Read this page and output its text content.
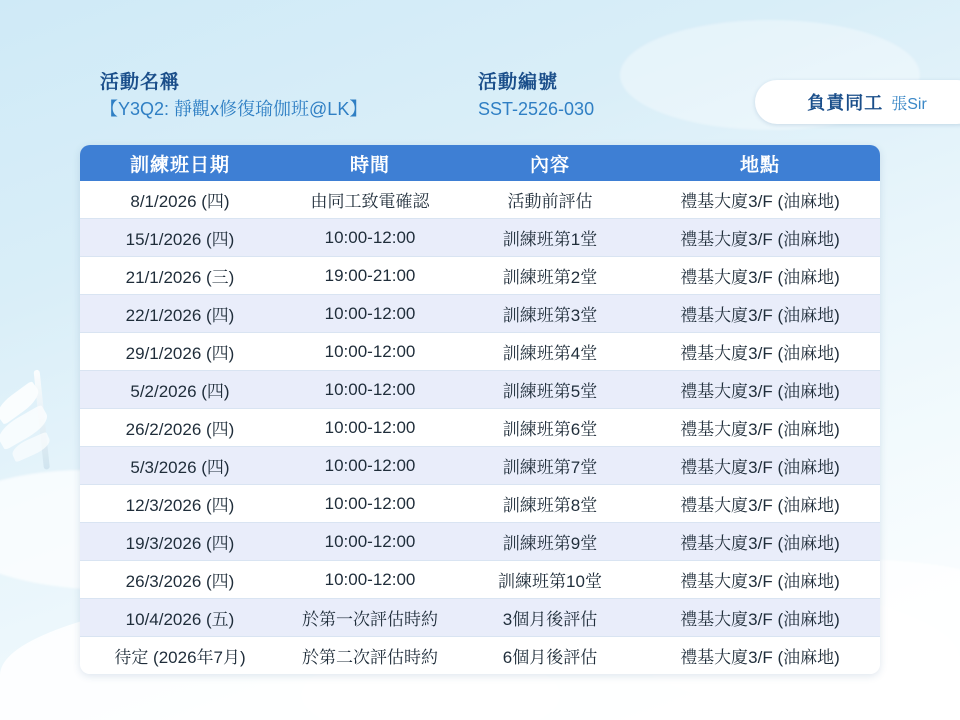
活動名稱
【Y3Q2: 靜觀x修復瑜伽班@LK】
活動編號
SST-2526-030	負責同工 張Sir
訓練班日期	時間	內容	地點
8/1/2026 (四)	由同工致電確認	活動前評估	禮基大廈3/F (油麻地)
15/1/2026 (四)	10:00-12:00	訓練班第1堂	禮基大廈3/F (油麻地)
21/1/2026 (三)	19:00-21:00	訓練班第2堂	禮基大廈3/F (油麻地)
22/1/2026 (四)	10:00-12:00	訓練班第3堂	禮基大廈3/F (油麻地)
29/1/2026 (四)	10:00-12:00	訓練班第4堂	禮基大廈3/F (油麻地)
5/2/2026 (四)	10:00-12:00	訓練班第5堂	禮基大廈3/F (油麻地)
26/2/2026 (四)	10:00-12:00	訓練班第6堂	禮基大廈3/F (油麻地)
5/3/2026 (四)	10:00-12:00	訓練班第7堂	禮基大廈3/F (油麻地)
12/3/2026 (四)	10:00-12:00	訓練班第8堂	禮基大廈3/F (油麻地)
19/3/2026 (四)	10:00-12:00	訓練班第9堂	禮基大廈3/F (油麻地)
26/3/2026 (四)	10:00-12:00	訓練班第10堂	禮基大廈3/F (油麻地)
10/4/2026 (五)	於第一次評估時約	3個月後評估	禮基大廈3/F (油麻地)
待定 (2026年7月)	於第二次評估時約	6個月後評估	禮基大廈3/F (油麻地)
